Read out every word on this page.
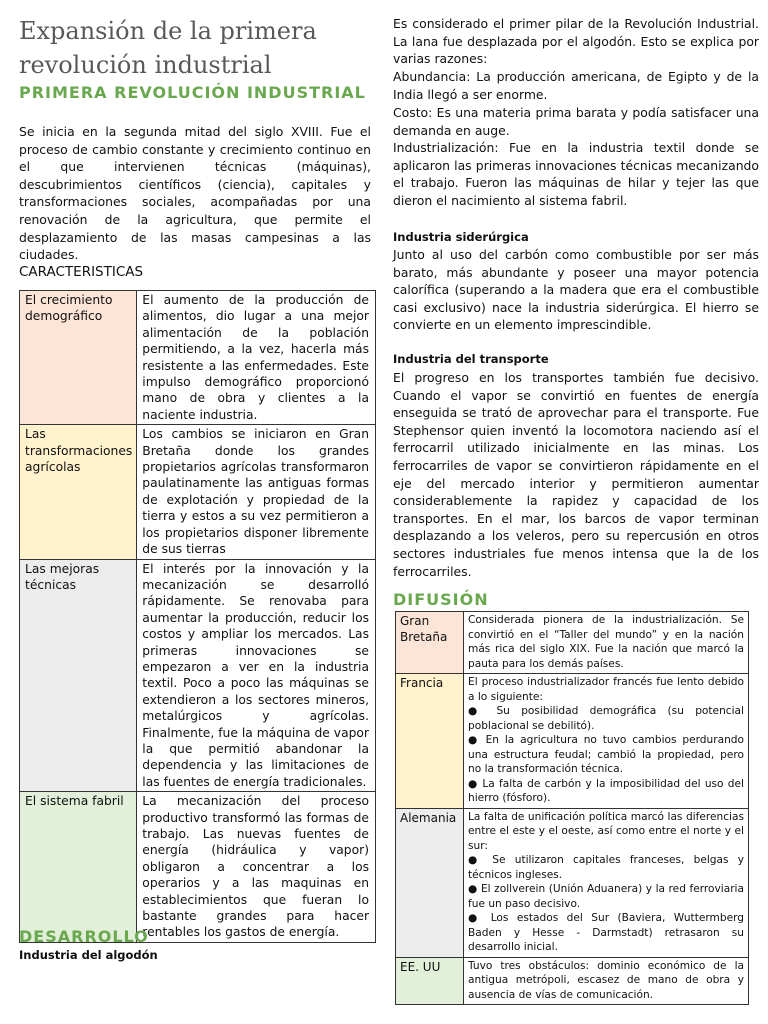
Expansión de la primera revolución industrial
PRIMERA REVOLUCIÓN INDUSTRIAL

Se inicia en la segunda mitad del siglo XVIII. Fue el proceso de cambio constante y crecimiento continuo en el que intervienen técnicas (máquinas), descubrimientos científicos (ciencia), capitales y transformaciones sociales, acompañadas por una renovación de la agricultura, que permite el desplazamiento de las masas campesinas a las ciudades.

CARACTERISTICAS
El crecimiento demográfico	El aumento de la producción de alimentos, dio lugar a una mejor alimentación de la población permitiendo, a la vez, hacerla más resistente a las enfermedades. Este impulso demográfico proporcionó mano de obra y clientes a la naciente industria.
Las transformaciones agrícolas	Los cambios se iniciaron en Gran Bretaña donde los grandes propietarios agrícolas transformaron paulatinamente las antiguas formas de explotación y propiedad de la tierra y estos a su vez permitieron a los propietarios disponer libremente de sus tierras
Las mejoras técnicas	El interés por la innovación y la mecanización se desarrolló rápidamente. Se renovaba para aumentar la producción, reducir los costos y ampliar los mercados. Las primeras innovaciones se empezaron a ver en la industria textil. Poco a poco las máquinas se extendieron a los sectores mineros, metalúrgicos y agrícolas. Finalmente, fue la máquina de vapor la que permitió abandonar la dependencia y las limitaciones de las fuentes de energía tradicionales.
El sistema fabril	La mecanización del proceso productivo transformó las formas de trabajo. Las nuevas fuentes de energía (hidráulica y vapor) obligaron a concentrar a los operarios y a las maquinas en establecimientos que fueran lo bastante grandes para hacer rentables los gastos de energía.
DESARROLLO
Industria del algodón

Es considerado el primer pilar de la Revolución Industrial. La lana fue desplazada por el algodón. Esto se explica por varias razones:

Abundancia: La producción americana, de Egipto y de la India llegó a ser enorme.

Costo: Es una materia prima barata y podía satisfacer una demanda en auge.

Industrialización: Fue en la industria textil donde se aplicaron las primeras innovaciones técnicas mecanizando el trabajo. Fueron las máquinas de hilar y tejer las que dieron el nacimiento al sistema fabril.

Industria siderúrgica

Junto al uso del carbón como combustible por ser más barato, más abundante y poseer una mayor potencia calorífica (superando a la madera que era el combustible casi exclusivo) nace la industria siderúrgica. El hierro se convierte en un elemento imprescindible.

Industria del transporte

El progreso en los transportes también fue decisivo. Cuando el vapor se convirtió en fuentes de energía enseguida se trató de aprovechar para el transporte. Fue Stephensor quien inventó la locomotora naciendo así el ferrocarril utilizado inicialmente en las minas. Los ferrocarriles de vapor se convirtieron rápidamente en el eje del mercado interior y permitieron aumentar considerablemente la rapidez y capacidad de los transportes. En el mar, los barcos de vapor terminan desplazando a los veleros, pero su repercusión en otros sectores industriales fue menos intensa que la de los ferrocarriles.

DIFUSIÓN
Gran Bretaña	Considerada pionera de la industrialización. Se convirtió en el “Taller del mundo” y en la nación más rica del siglo XIX. Fue la nación que marcó la pauta para los demás países.
Francia	El proceso industrializador francés fue lento debido a lo siguiente:
● Su posibilidad demográfica (su potencial poblacional se debilitó).
● En la agricultura no tuvo cambios perdurando una estructura feudal; cambió la propiedad, pero no la transformación técnica.
● La falta de carbón y la imposibilidad del uso del hierro (fósforo).

Alemania	La falta de unificación política marcó las diferencias entre el este y el oeste, así como entre el norte y el sur:
● Se utilizaron capitales franceses, belgas y técnicos ingleses.
● El zollverein (Unión Aduanera) y la red ferroviaria fue un paso decisivo.
● Los estados del Sur (Baviera, Wuttermberg Baden y Hesse - Darmstadt) retrasaron su desarrollo inicial.

EE. UU	Tuvo tres obstáculos: dominio económico de la antigua metrópoli, escasez de mano de obra y ausencia de vías de comunicación.
